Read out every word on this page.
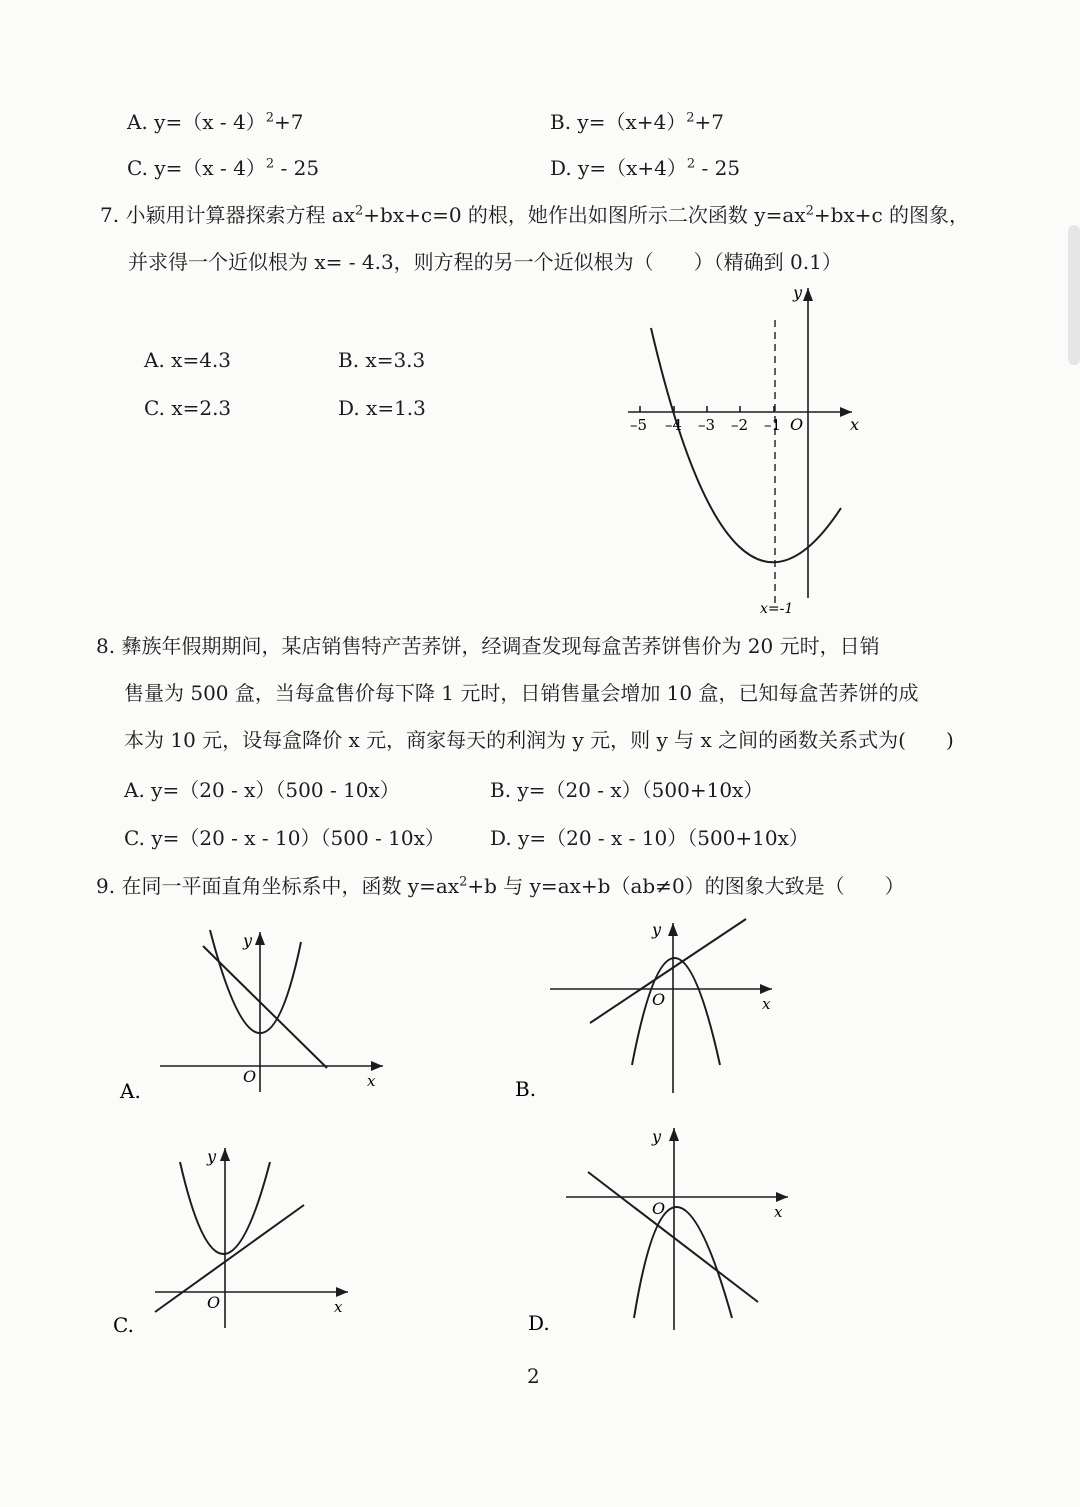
A. y=（x - 4）$^2$+7	B. $y=(x+4)^2+7$
C. y=（x - 4）$^2$ - 25	D. $y=(x+4)^2 - 25$
7. 小颖用计算器探索方程 $ax^2+bx+c=0$ 的根，她作出如图所示二次函数 $y=ax^2+bx+c$ 的图象，
并求得一个近似根为 x= - 4.3，则方程的另一个近似根为（　　）（精确到 0.1）
A. x=4.3	B. x=3.3
C. x=2.3	D. x=1.3
–5 –4 –3 –2 –1 O	x
y
x=-1
8. 彝族年假期期间，某店销售特产苦荞饼，经调查发现每盒苦荞饼售价为 20 元时，日销
售量为 500 盒，当每盒售价每下降 1 元时，日销售量会增加 10 盒，已知每盒苦荞饼的成
本为 10 元，设每盒降价 x 元，商家每天的利润为 y 元，则 y 与 x 之间的函数关系式为(　　)
A. y=（20 - x）（500 - 10x）	B. y=（20 - x）（500+10x）
C. y=（20 - x - 10）（500 - 10x） D. y=（20 - x - 10）（500+10x）
9. 在同一平面直角坐标系中，函数 $y=ax^2+b$ 与 y=ax+b（ab≠0）的图象大致是（　　）
O	x
y
A.
O	x
y
B.
O	x
y
C.
O	x
y
D.
2
